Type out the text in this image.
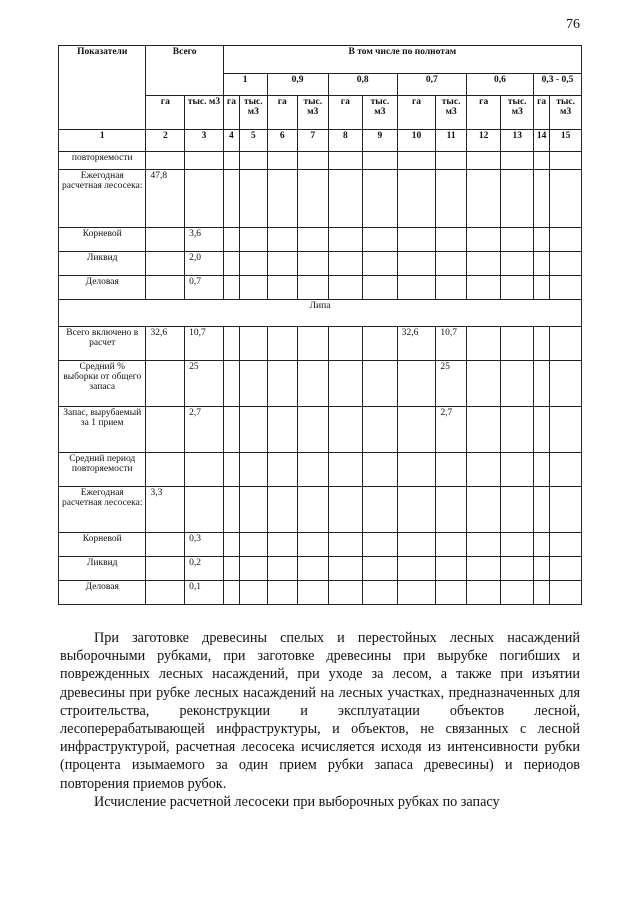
76
Показатели	Всего		В том числе по полнотам											
			1		0,9		0,8		0,7		0,6		0,3 - 0,5	
	га	тыс. м3	га	тыс. м3	га	тыс. м3	га	тыс. м3	га	тыс. м3	га	тыс. м3	га	тыс. м3
1	2	3	4	5	6	7	8	9	10	11	12	13	14	15
повторяемости														
Ежегодная расчетная лесосека:	47,8													
Корневой		3,6												
Ликвид		2,0												
Деловая		0,7												
Липа														
Всего включено в расчет	32,6	10,7							32,6	10,7				
Средний % выборки от общего запаса		25								25				
Запас, вырубаемый за 1 прием		2,7								2,7				
Средний период повторяемости														
Ежегодная расчетная лесосека:	3,3													
Корневой		0,3												
Ликвид		0,2												
Деловая		0,1												

При заготовке древесины спелых и перестойных лесных насаждений выборочными рубками, при заготовке древесины при вырубке погибших и поврежденных лесных насаждений, при уходе за лесом, а также при изъятии древесины при рубке лесных насаждений на лесных участках, предназначенных для строительства, реконструкции и эксплуатации объектов лесной, лесоперерабатывающей инфраструктуры, и объектов, не связанных с лесной инфраструктурой, расчетная лесосека исчисляется исходя из интенсивности рубки (процента изымаемого за один прием рубки запаса древесины) и периодов повторения приемов рубок.

Исчисление расчетной лесосеки при выборочных рубках по запасу
